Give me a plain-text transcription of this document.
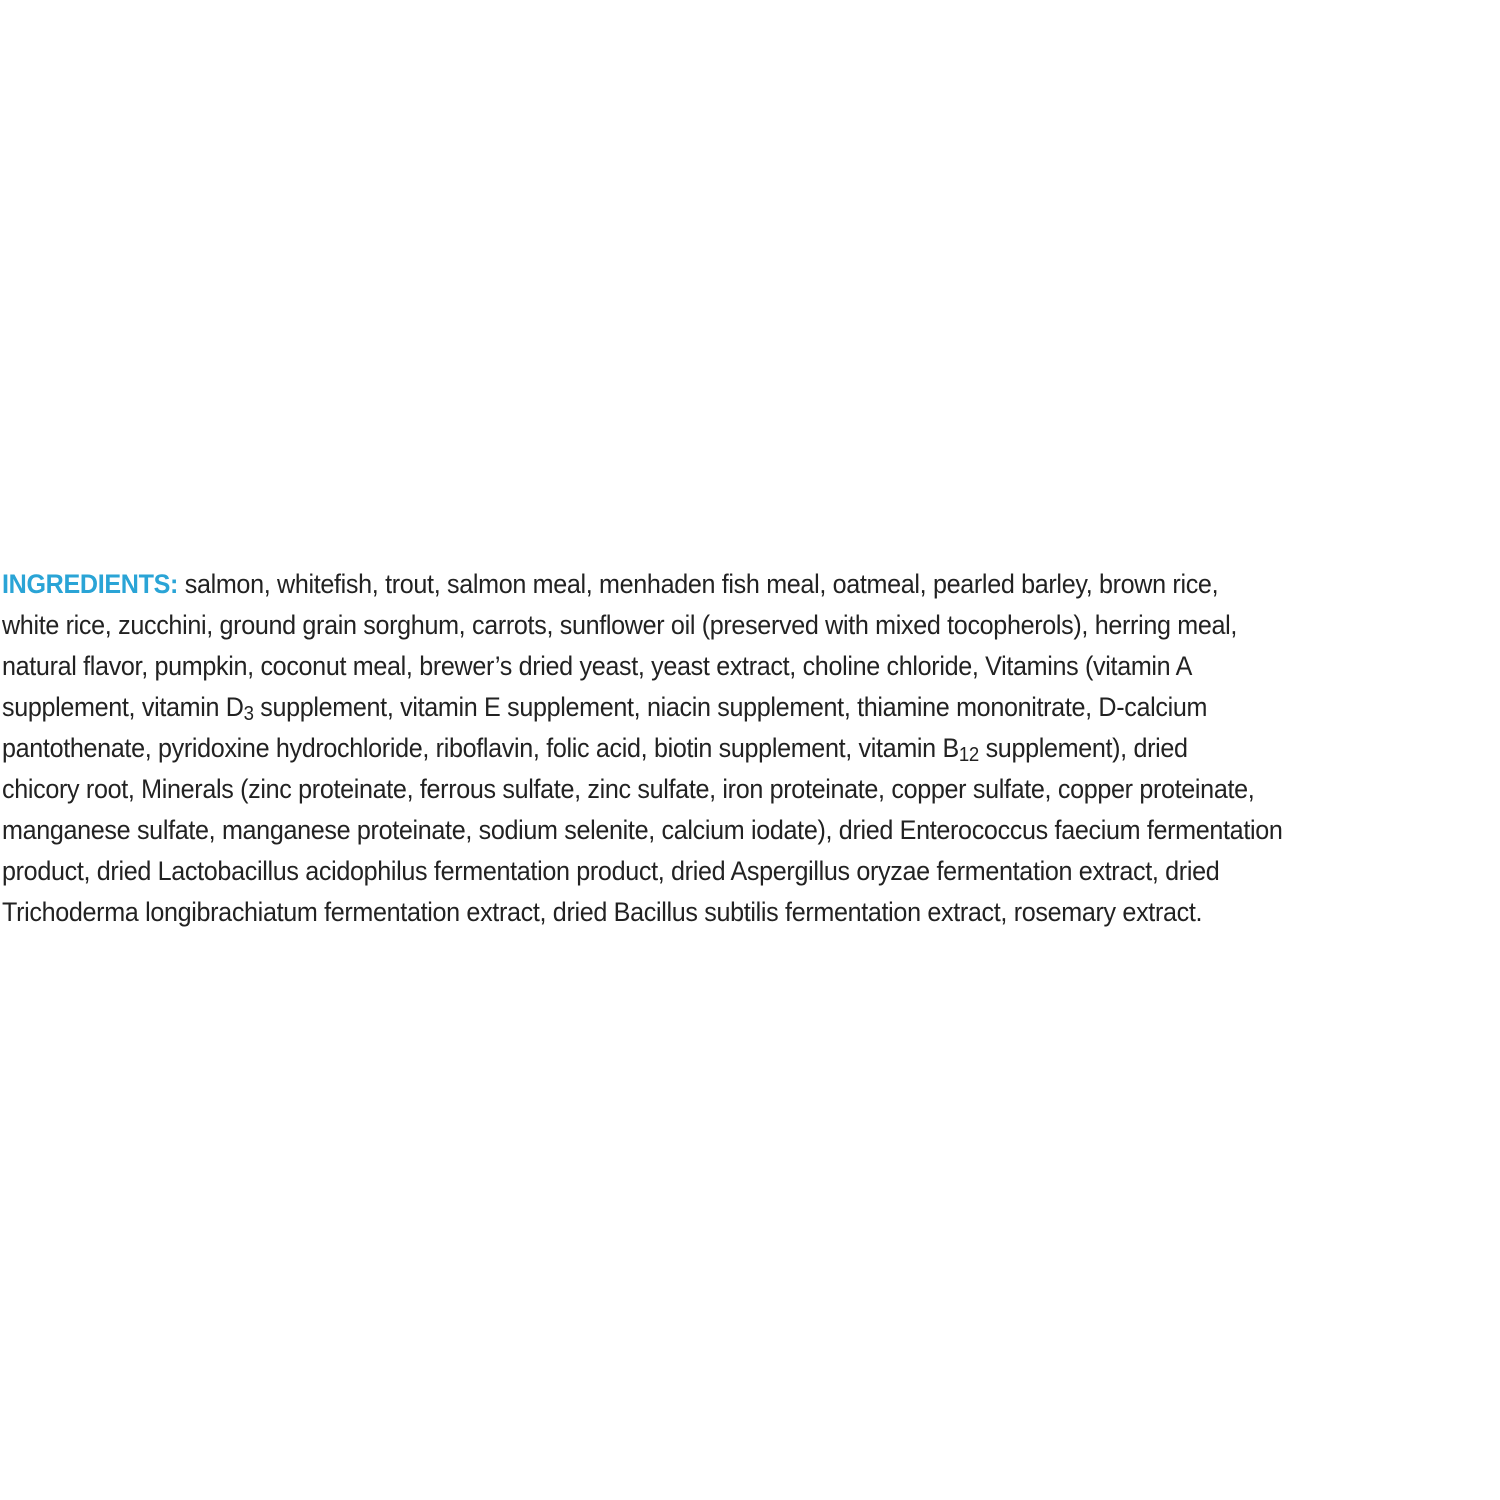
INGREDIENTS: salmon, whitefish, trout, salmon meal, menhaden fish meal, oatmeal, pearled barley, brown rice,
white rice, zucchini, ground grain sorghum, carrots, sunflower oil (preserved with mixed tocopherols), herring meal,
natural flavor, pumpkin, coconut meal, brewer’s dried yeast, yeast extract, choline chloride, Vitamins (vitamin A
supplement, vitamin D3 supplement, vitamin E supplement, niacin supplement, thiamine mononitrate, D-calcium
pantothenate, pyridoxine hydrochloride, riboflavin, folic acid, biotin supplement, vitamin B12 supplement), dried
chicory root, Minerals (zinc proteinate, ferrous sulfate, zinc sulfate, iron proteinate, copper sulfate, copper proteinate,
manganese sulfate, manganese proteinate, sodium selenite, calcium iodate), dried Enterococcus faecium fermentation
product, dried Lactobacillus acidophilus fermentation product, dried Aspergillus oryzae fermentation extract, dried
Trichoderma longibrachiatum fermentation extract, dried Bacillus subtilis fermentation extract, rosemary extract.
